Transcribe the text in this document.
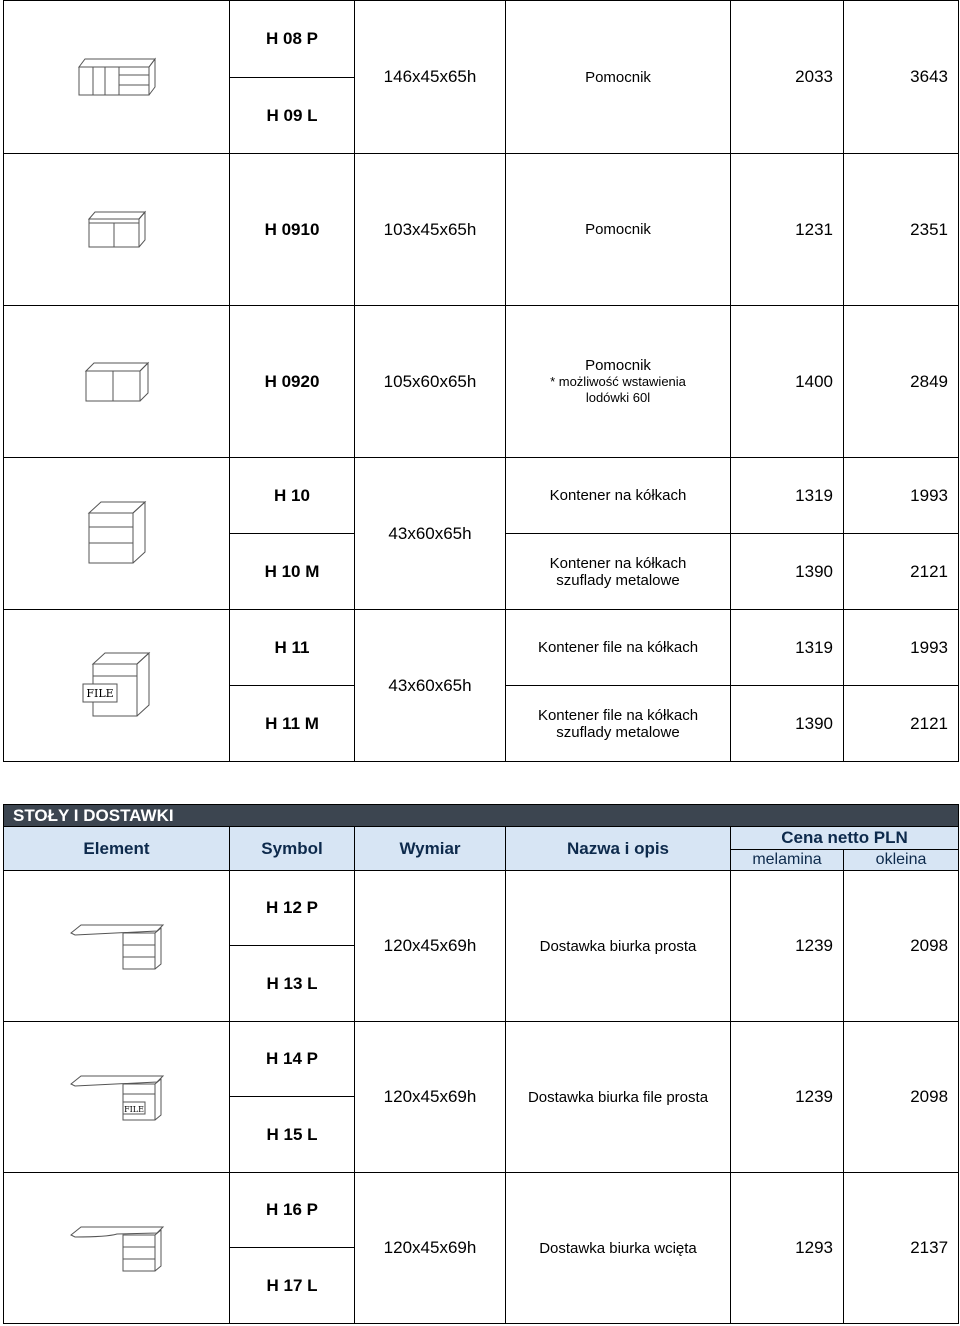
	H 08 P	146x45x65h	Pomocnik	2033	3643
	H 09 L				

	H 0910	103x45x65h	Pomocnik	1231	2351

	H 0920	105x60x65h	Pomocnik
* możliwość wstawienia
lodówki 60l	1400	2849

	H 10	43x60x65h	Kontener na kółkach	1319	1993
	H 10 M		Kontener na kółkach
szuflady metalowe	1390	2121

FILE	H 11	43x60x65h	Kontener file na kółkach	1319	1993
	H 11 M		Kontener file na kółkach
szuflady metalowe	1390	2121
STOŁY I DOSTAWKI					
Element	Symbol	Wymiar	Nazwa i opis	Cena netto PLN	
				melamina	okleina

	H 12 P	120x45x69h	Dostawka biurka prosta	1239	2098
	H 13 L				

FILE	H 14 P	120x45x69h	Dostawka biurka file prosta	1239	2098
	H 15 L				

	H 16 P	120x45x69h	Dostawka biurka wcięta	1293	2137
	H 17 L				
